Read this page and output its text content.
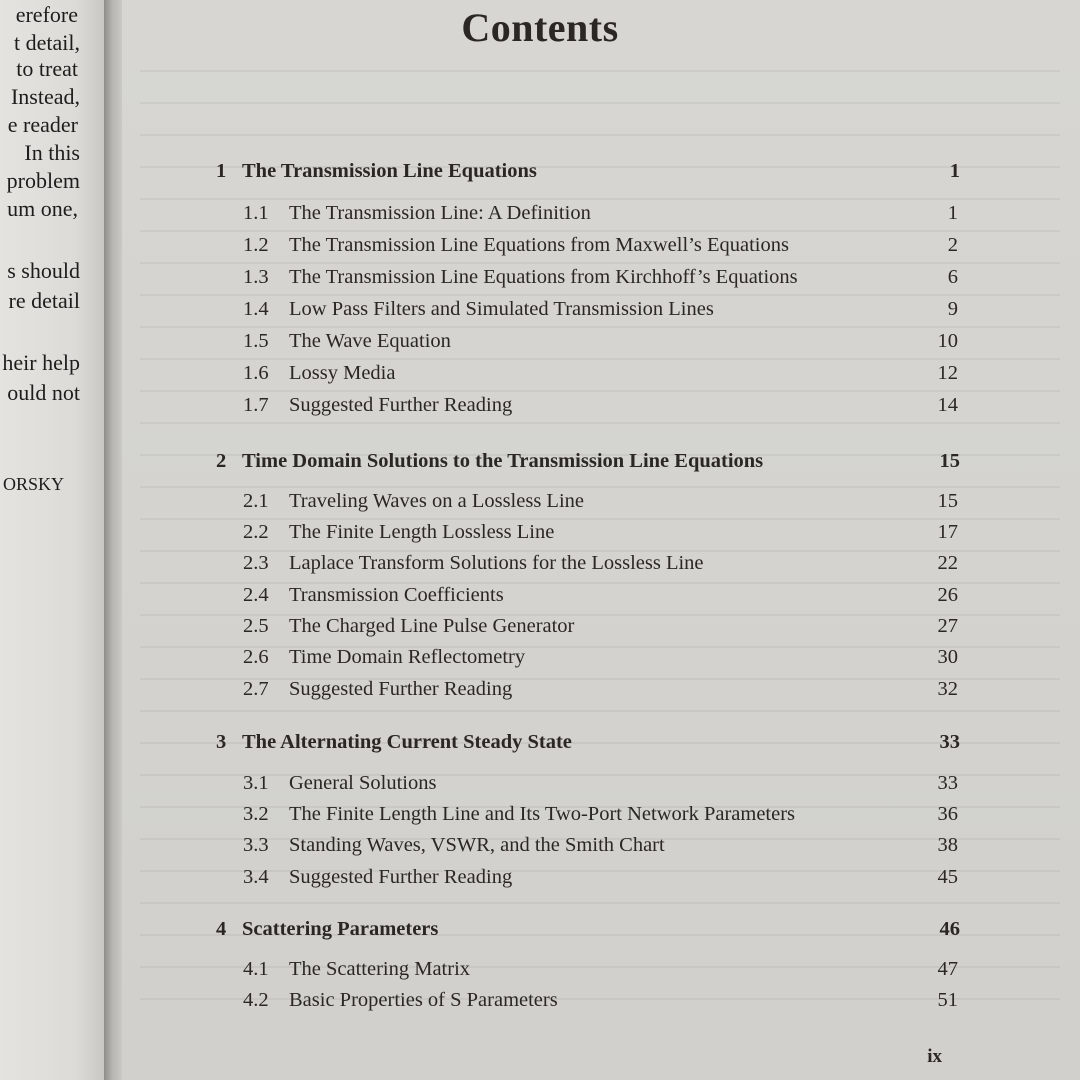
erefore
t detail,
to treat
Instead,
e reader
In this
problem
um one,
s should
re detail
heir help
ould not
ORSKY
Contents
1 The Transmission Line Equations	1
1.1 The Transmission Line: A Definition	1
1.2 The Transmission Line Equations from Maxwell’s Equations	2
1.3 The Transmission Line Equations from Kirchhoff’s Equations	6
1.4 Low Pass Filters and Simulated Transmission Lines	9
1.5 The Wave Equation	10
1.6 Lossy Media	12
1.7 Suggested Further Reading	14
2 Time Domain Solutions to the Transmission Line Equations	15
2.1 Traveling Waves on a Lossless Line	15
2.2 The Finite Length Lossless Line	17
2.3 Laplace Transform Solutions for the Lossless Line	22
2.4 Transmission Coefficients	26
2.5 The Charged Line Pulse Generator	27
2.6 Time Domain Reflectometry	30
2.7 Suggested Further Reading	32
3 The Alternating Current Steady State	33
3.1 General Solutions	33
3.2 The Finite Length Line and Its Two-Port Network Parameters	36
3.3 Standing Waves, VSWR, and the Smith Chart	38
3.4 Suggested Further Reading	45
4 Scattering Parameters	46
4.1 The Scattering Matrix	47
4.2 Basic Properties of S Parameters	51
ix
